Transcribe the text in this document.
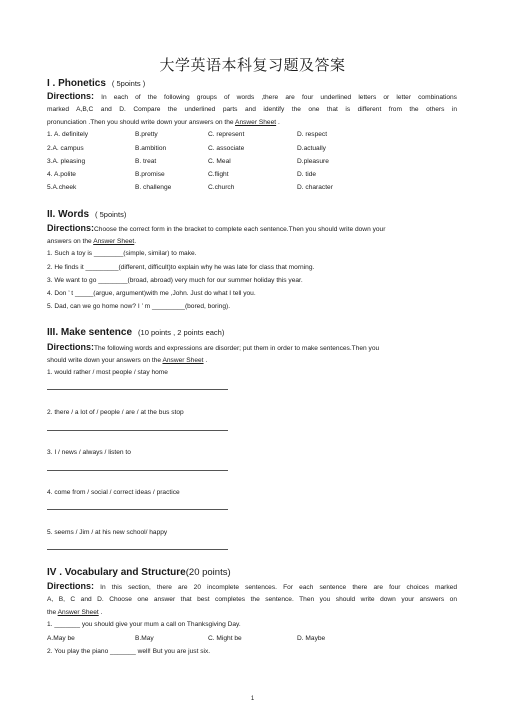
大学英语本科复习题及答案
I . Phonetics ( 5points )
Directions: In each of the following groups of words ,there are four underlined letters or letter combinations
marked A,B,C and D. Compare the underlined parts and identify the one that is different from the others in
pronunciation .Then you should write down your answers on the Answer Sheet .
1. A. definitely	B.pretty	C. represent	D. respect
2.A. campus	B.ambition	C. associate	D.actually
3.A. pleasing	B. treat	C. Meal	D.pleasure
4. A.polite	B.promise	C.flight	D. tide
5.A.cheek	B. challenge	C.church	D. character
II. Words ( 5points)
Directions:Choose the correct form in the bracket to complete each sentence.Then you should write down your
answers on the Answer Sheet.
1. Such a toy is ________(simple, similar) to make.
2. He finds it _________(different, difficult)to explain why he was late for class that morning.
3. We want to go ________(broad, abroad) very much for our summer holiday this year.
4. Don ’ t _____(argue, argument)with me ,John. Just do what I tell you.
5. Dad, can we go home now? I ’ m _________(bored, boring).
III. Make sentence (10 points , 2 points each)
Directions:The following words and expressions are disorder; put them in order to make sentences.Then you
should write down your answers on the Answer Sheet .
1. would rather / most people / stay home
2. there / a lot of / people / are / at the bus stop
3. I / news / always / listen to
4. come from / social / correct ideas / practice
5. seems / Jim / at his new school/ happy
IV . Vocabulary and Structure(20 points)
Directions: In this section, there are 20 incomplete sentences. For each sentence there are four choices marked
A, B, C and D. Choose one answer that best completes the sentence. Then you should write down your answers on
the Answer Sheet .
1. _______ you should give your mum a call on Thanksgiving Day.
A.May be	B.May	C. Might be	D. Maybe
2. You play the piano _______ well! But you are just six.
1
